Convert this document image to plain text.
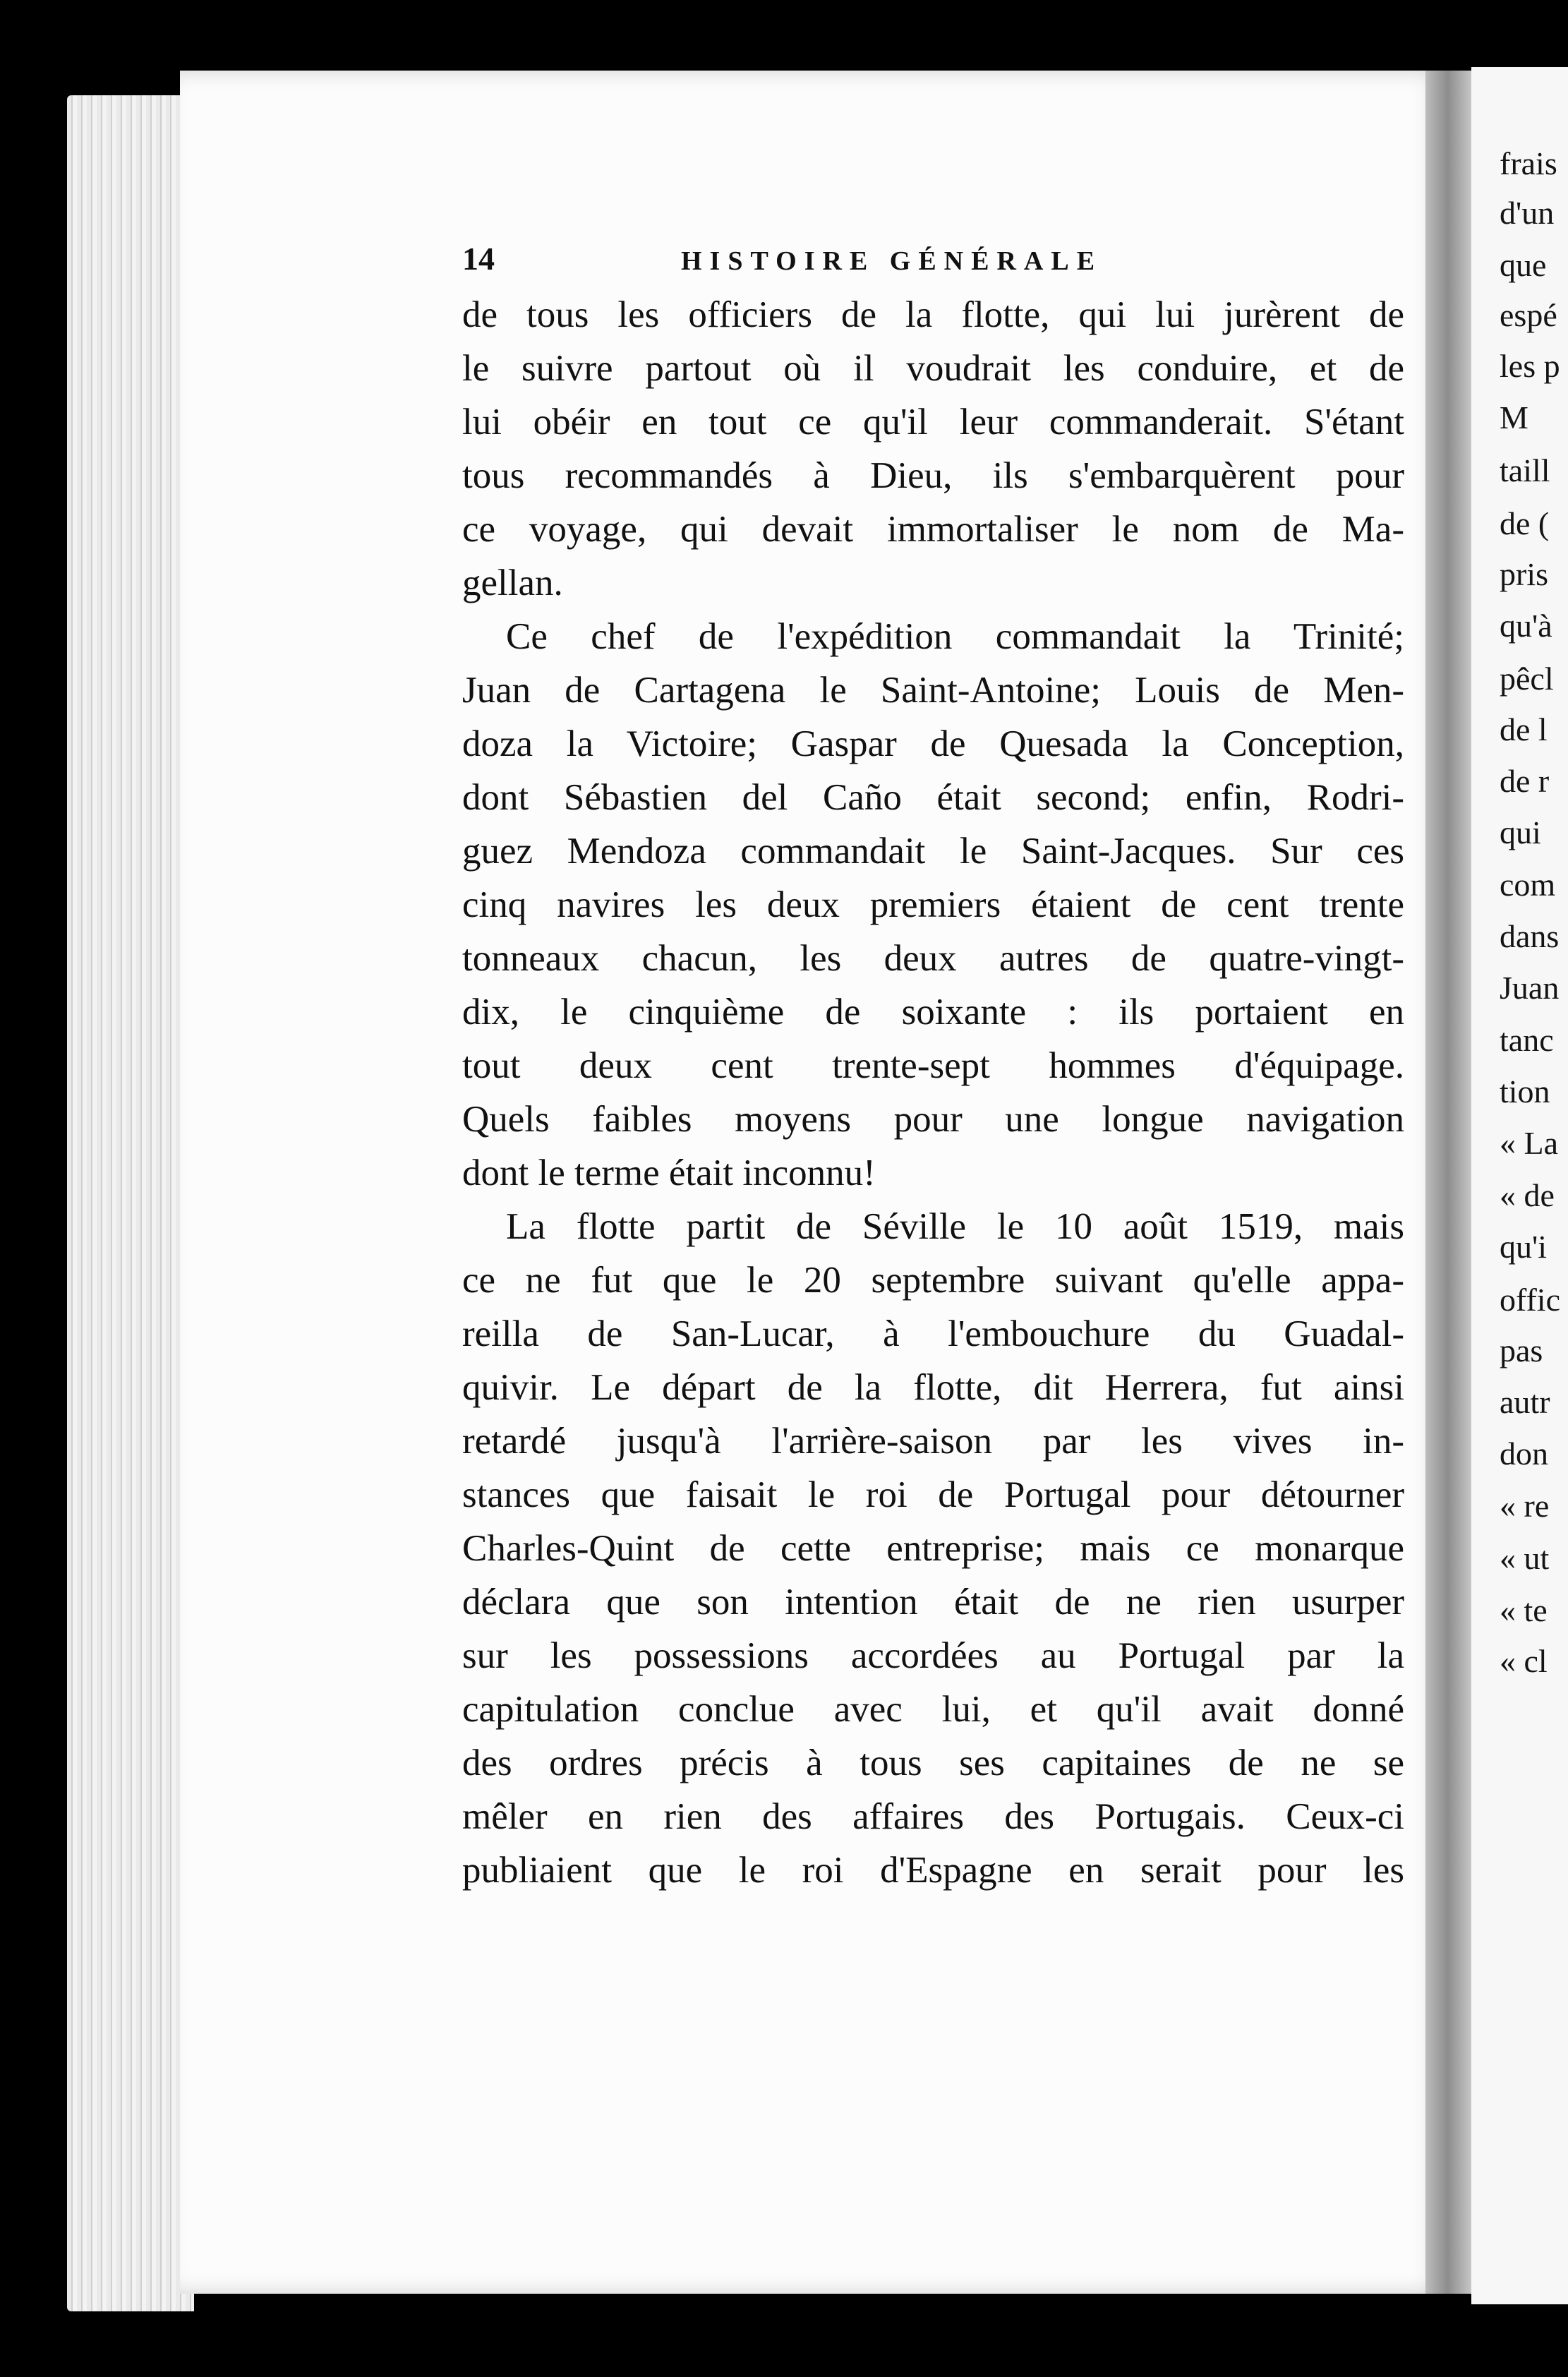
frais
d'un
que
espé
les p
M
taill
de (
pris
qu'à
pêcl
de l
de r
qui
com
dans
Juan
tanc
tion
« La
« de
qu'i
offic
pas
autr
don
« re
« ut
« te
« cl
14	HISTOIRE GÉNÉRALE
de tous les officiers de la flotte, qui lui jurèrent de
le suivre partout où il voudrait les conduire, et de
lui obéir en tout ce qu'il leur commanderait. S'étant
tous recommandés à Dieu, ils s'embarquèrent pour
ce voyage, qui devait immortaliser le nom de Ma-
gellan.
Ce chef de l'expédition commandait la Trinité;
Juan de Cartagena le Saint-Antoine; Louis de Men-
doza la Victoire; Gaspar de Quesada la Conception,
dont Sébastien del Caño était second; enfin, Rodri-
guez Mendoza commandait le Saint-Jacques. Sur ces
cinq navires les deux premiers étaient de cent trente
tonneaux chacun, les deux autres de quatre-vingt-
dix, le cinquième de soixante : ils portaient en
tout deux cent trente-sept hommes d'équipage.
Quels faibles moyens pour une longue navigation
dont le terme était inconnu!
La flotte partit de Séville le 10 août 1519, mais
ce ne fut que le 20 septembre suivant qu'elle appa-
reilla de San-Lucar, à l'embouchure du Guadal-
quivir. Le départ de la flotte, dit Herrera, fut ainsi
retardé jusqu'à l'arrière-saison par les vives in-
stances que faisait le roi de Portugal pour détourner
Charles-Quint de cette entreprise; mais ce monarque
déclara que son intention était de ne rien usurper
sur les possessions accordées au Portugal par la
capitulation conclue avec lui, et qu'il avait donné
des ordres précis à tous ses capitaines de ne se
mêler en rien des affaires des Portugais. Ceux-ci
publiaient que le roi d'Espagne en serait pour les
